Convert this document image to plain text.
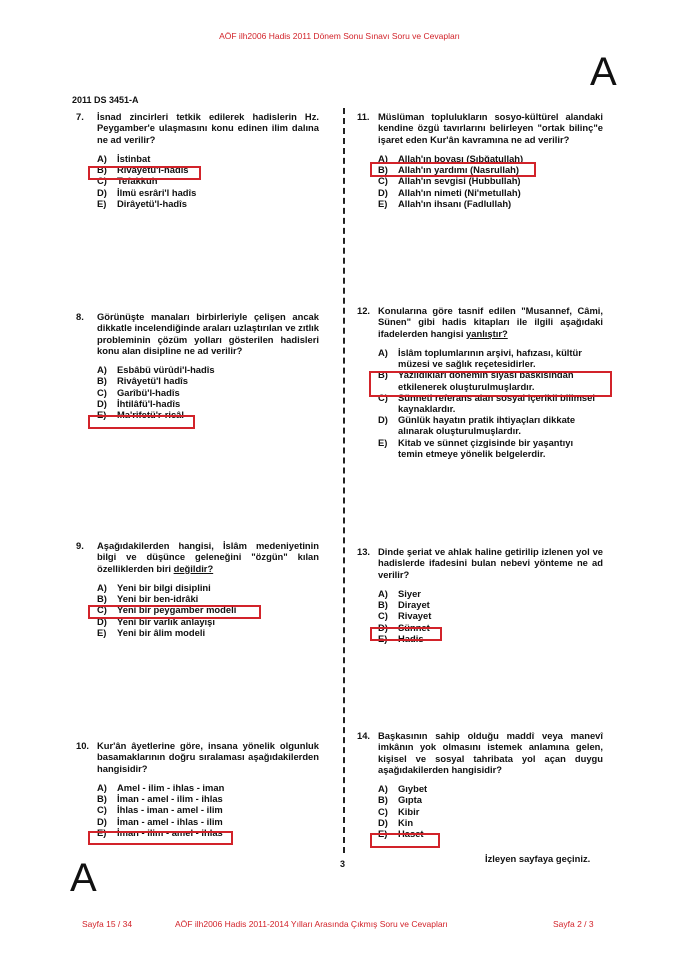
AÖF ilh2006 Hadis 2011 Dönem Sonu Sınavı Soru ve Cevapları
A
2011 DS 3451-A
7.	İsnad zincirleri tetkik edilerek hadislerin Hz. Peygamber'e ulaşmasını konu edinen ilim dalına ne ad verilir?
A)	İstinbat
B)	Rivâyetü'l-hadîs
C)	Tefakkuh
D)	İlmü esrâri'l hadîs
E)	Dirâyetü'l-hadîs
8.	Görünüşte manaları birbirleriyle çelişen ancak dikkatle incelendiğinde araları uzlaştırılan ve zıtlık probleminin çözüm yolları gösterilen hadisleri konu alan disipline ne ad verilir?
A)	Esbâbü vürûdi'l-hadîs
B)	Rivâyetü'l hadîs
C)	Garîbü'l-hadîs
D)	İhtilâfü'l-hadîs
E)	Ma'rifetü'r-ricâl
9.	Aşağıdakilerden hangisi, İslâm medeniyetinin bilgi ve düşünce geleneğini "özgün" kılan özelliklerden biri değildir?
A)	Yeni bir bilgi disiplini
B)	Yeni bir ben-idrâki
C)	Yeni bir peygamber modeli
D)	Yeni bir varlık anlayışı
E)	Yeni bir âlim modeli
10. Kur'ân âyetlerine göre, insana yönelik olgunluk basamaklarının doğru sıralaması aşağıdakilerden hangisidir?
A)	Amel - ilim - ihlas - iman
B)	İman - amel - ilim - ihlas
C)	İhlas - iman - amel - ilim
D)	İman - amel - ihlas - ilim
E)	İman - ilim - amel - ihlas
11. Müslüman toplulukların sosyo-kültürel alandaki kendine özgü tavırlarını belirleyen "ortak bilinç"e işaret eden Kur'ân kavramına ne ad verilir?
A)	Allah'ın boyası (Sıbğatullah)
B)	Allah'ın yardımı (Nasrullah)
C)	Allah'ın sevgisi (Hubbullah)
D)	Allah'ın nimeti (Ni'metullah)
E)	Allah'ın ihsanı (Fadlullah)
12. Konularına göre tasnif edilen "Musannef, Câmi, Sünen" gibi hadis kitapları ile ilgili aşağıdaki ifadelerden hangisi yanlıştır?
A)	İslâm toplumlarının arşivi, hafızası, kültür
müzesi ve sağlık reçetesidirler.
B)	Yazıldıkları dönemin siyasi baskısından
etkilenerek oluşturulmuşlardır.
C)	Sünneti referans alan sosyal içerikli bilimsel
kaynaklardır.
D)	Günlük hayatın pratik ihtiyaçları dikkate
alınarak oluşturulmuşlardır.
E)	Kitab ve sünnet çizgisinde bir yaşantıyı
temin etmeye yönelik belgelerdir.
13. Dinde şeriat ve ahlak haline getirilip izlenen yol ve hadislerde ifadesini bulan nebevi yönteme ne ad verilir?
A)	Siyer
B)	Dirayet
C)	Rivayet
D)	Sünnet
E)	Hadis
14. Başkasının sahip olduğu maddî veya manevî imkânın yok olmasını istemek anlamına gelen, kişisel ve sosyal tahribata yol açan duygu aşağıdakilerden hangisidir?
A)	Gıybet
B)	Gıpta
C)	Kibir
D)	Kin
E)	Haset
3	İzleyen sayfaya geçiniz.
A
Sayfa 15 / 34	AÖF ilh2006 Hadis 2011-2014 Yılları Arasında Çıkmış Soru ve Cevapları	Sayfa 2 / 3
